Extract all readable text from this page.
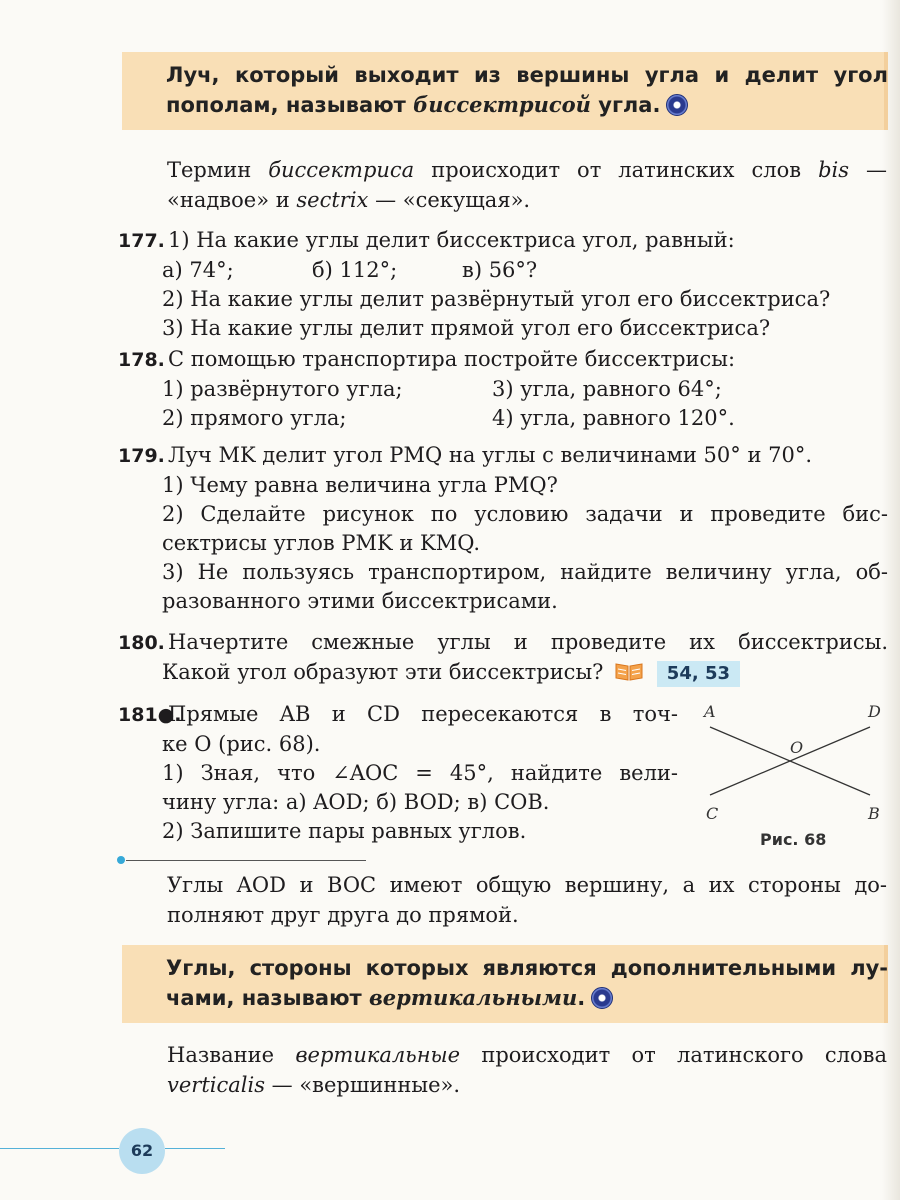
Луч, который выходит из вершины угла и делит угол пополам, называют биссектрисой угла.
Термин биссектриса происходит от латинских слов bis — «надвое» и sectrix — «секущая».
177. 1) На какие углы делит биссектриса угол, равный:
а) 74°;	б) 112°;	в) 56°?
2) На какие углы делит развёрнутый угол его биссектриса?
3) На какие углы делит прямой угол его биссектриса?
178. С помощью транспортира постройте биссектрисы:
1) развёрнутого угла;	3) угла, равного 64°;
2) прямого угла;	4) угла, равного 120°.
179. Луч MK делит угол PMQ на углы с величинами 50° и 70°.
1) Чему равна величина угла PMQ?
2) Сделайте рисунок по условию задачи и проведите бис-
сектрисы углов PMK и KMQ.
3) Не пользуясь транспортиром, найдите величину угла, об-
разованного этими биссектрисами.
180. Начертите смежные углы и проведите их биссектрисы.
Какой угол образуют эти биссектрисы?	54, 53
181●.Прямые AB и CD пересекаются в точ-
ке O (рис. 68).
1) Зная, что ∠AOC = 45°, найдите вели-
чину угла: а) AOD; б) BOD; в) COB.
2) Запишите пары равных углов.
A	D
O
C	B
Рис. 68
Углы AOD и BOC имеют общую вершину, а их стороны до-
полняют друг друга до прямой.
Углы, стороны которых являются дополнительными лу- чами, называют вертикальными.
Название вертикальные происходит от латинского слова verticalis — «вершинные».
62
